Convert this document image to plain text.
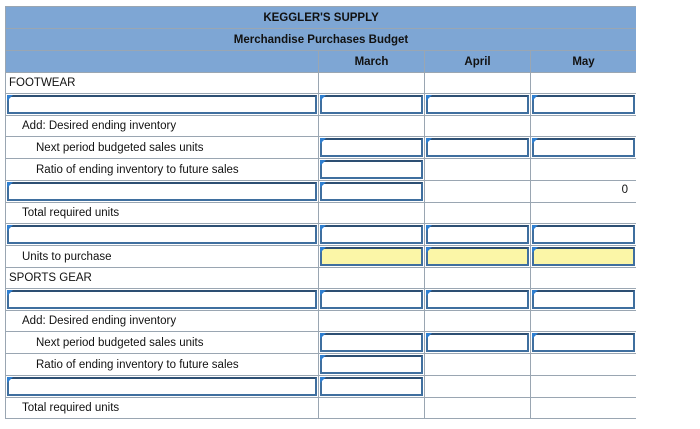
KEGGLER'S SUPPLY			
Merchandise Purchases Budget			
	March	April	May
FOOTWEAR			

Add: Desired ending inventory			
Next period budgeted sales units	

Ratio of ending inventory to future sales	

			0

Total required units			

Units to purchase	

SPORTS GEAR			

Add: Desired ending inventory			
Next period budgeted sales units	

Ratio of ending inventory to future sales	

Total required units			
